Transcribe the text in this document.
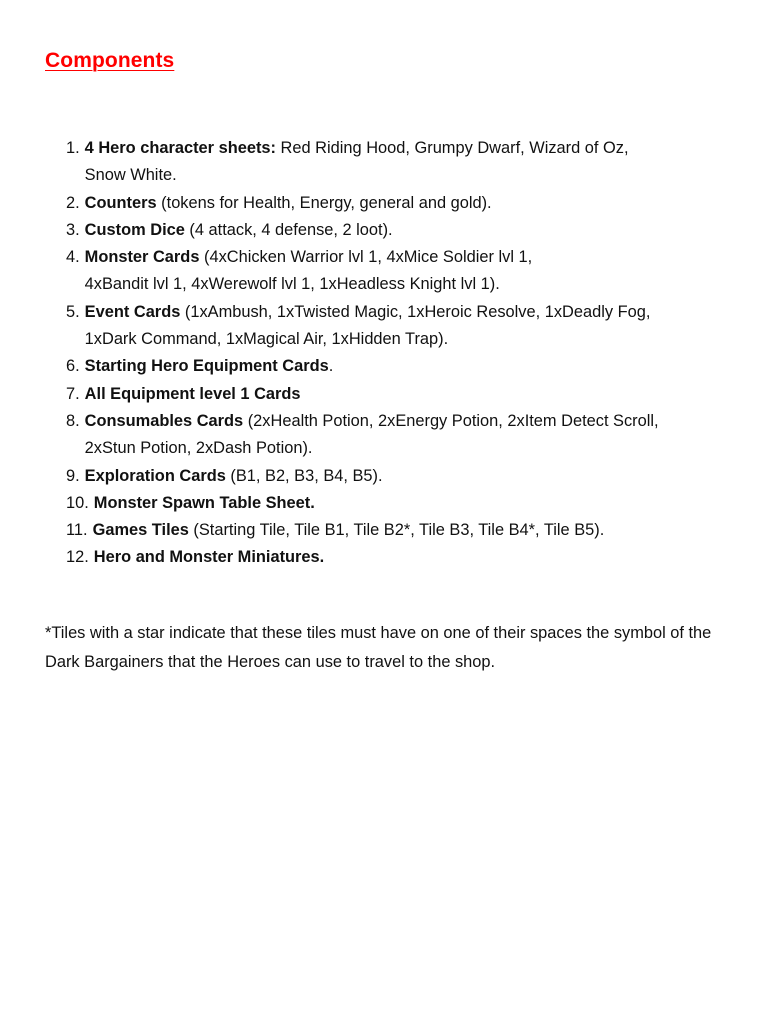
Components
1. 4 Hero character sheets: Red Riding Hood, Grumpy Dwarf, Wizard of Oz,
Snow White.
2. Counters (tokens for Health, Energy, general and gold).
3. Custom Dice (4 attack, 4 defense, 2 loot).
4. Monster Cards (4xChicken Warrior lvl 1, 4xMice Soldier lvl 1,
4xBandit lvl 1, 4xWerewolf lvl 1, 1xHeadless Knight lvl 1).
5. Event Cards (1xAmbush, 1xTwisted Magic, 1xHeroic Resolve, 1xDeadly Fog,
1xDark Command, 1xMagical Air, 1xHidden Trap).
6. Starting Hero Equipment Cards.
7. All Equipment level 1 Cards
8. Consumables Cards (2xHealth Potion, 2xEnergy Potion, 2xItem Detect Scroll,
2xStun Potion, 2xDash Potion).
9. Exploration Cards (B1, B2, B3, B4, B5).
10. Monster Spawn Table Sheet.
11. Games Tiles (Starting Tile, Tile B1, Tile B2*, Tile B3, Tile B4*, Tile B5).
12. Hero and Monster Miniatures.

*Tiles with a star indicate that these tiles must have on one of their spaces the symbol of the Dark Bargainers that the Heroes can use to travel to the shop.
